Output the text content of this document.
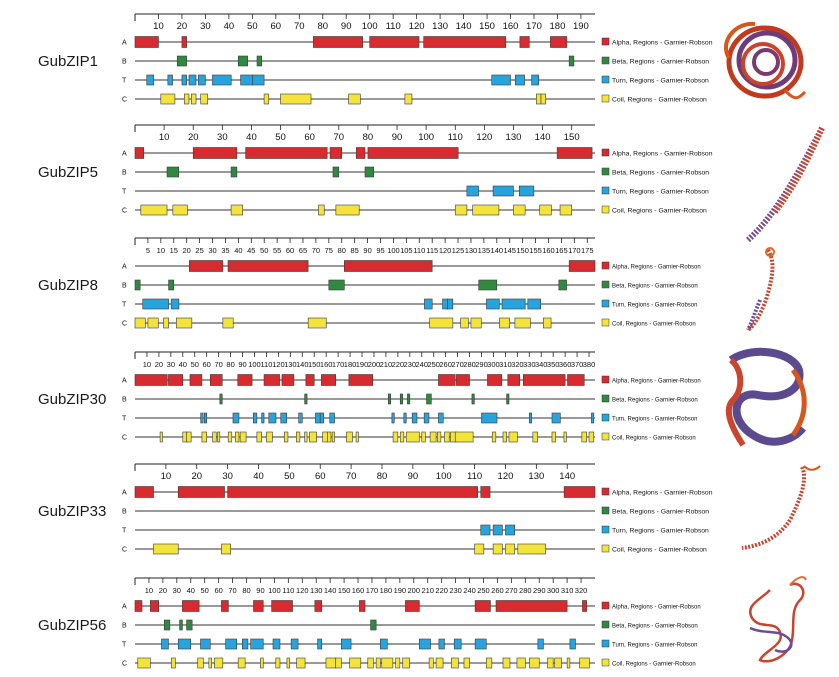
GubZIP1
10 20 30 40 50 60 70 80 90 100 110 120 130 140 150 160 170 180 190
A	Alpha, Regions - Garnier-Robson
B	Beta, Regions - Garnier-Robson
T	Turn, Regions - Garnier-Robson
C	Coil, Regions - Garnier-Robson
GubZIP5
10 20 30 40 50 60 70 80 90 100 110 120 130 140 150
A	Alpha, Regions - Garnier-Robson
B	Beta, Regions - Garnier-Robson
T	Turn, Regions - Garnier-Robson
C	Coil, Regions - Garnier-Robson
GubZIP8
5 10 15 20 25 30 35 40 45 50 55 60 65 70 75 80 85 90 95 100 105 110 115 120 125 130 135 140 145 150 155 160 165 170 175
A	Alpha, Regions - Garnier-Robson
B	Beta, Regions - Garnier-Robson
T	Turn, Regions - Garnier-Robson
C	Coil, Regions - Garnier-Robson
GubZIP30
10 20 30 40 50 60 70 80 90 100 110 120 130 140 150 160 170 180 190 200 210 220 230 240 250 260 270 280 290 300 310 320 330 340 350 360 370 380
A	Alpha, Regions - Garnier-Robson
B	Beta, Regions - Garnier-Robson
T	Turn, Regions - Garnier-Robson
C	Coil, Regions - Garnier-Robson
GubZIP33
10 20 30 40 50 60 70 80 90 100 110 120 130 140
A	Alpha, Regions - Garnier-Robson
B	Beta, Regions - Garnier-Robson
T	Turn, Regions - Garnier-Robson
C	Coil, Regions - Garnier-Robson
GubZIP56
10 20 30 40 50 60 70 80 90 100 110 120 130 140 150 160 170 180 190 200 210 220 230 240 250 260 270 280 290 300 310 320
A	Alpha, Regions - Garnier-Robson
B	Beta, Regions - Garnier-Robson
T	Turn, Regions - Garnier-Robson
C	Coil, Regions - Garnier-Robson
